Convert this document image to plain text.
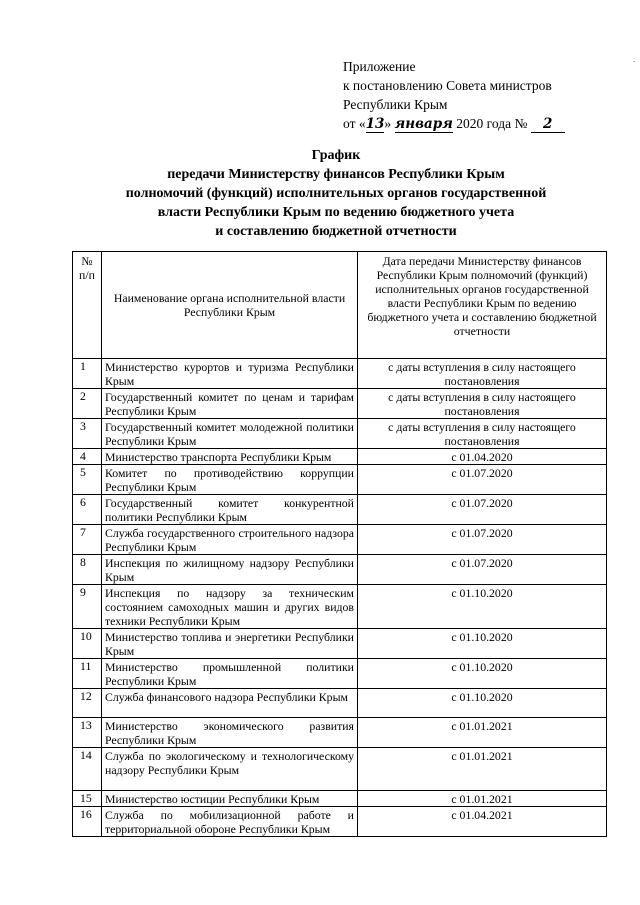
Приложение
к постановлению Совета министров
Республики Крым
от «13» января 2020 года № 2
График
передачи Министерству финансов Республики Крым
полномочий (функций) исполнительных органов государственной
власти Республики Крым по ведению бюджетного учета
и составлению бюджетной отчетности
№ п/п	Наименование органа исполнительной власти Республики Крым	Дата передачи Министерству финансов Республики Крым полномочий (функций) исполнительных органов государственной власти Республики Крым по ведению бюджетного учета и составлению бюджетной отчетности
1	Министерство курортов и туризма Республики Крым	с даты вступления в силу настоящего постановления
2	Государственный комитет по ценам и тарифам Республики Крым	с даты вступления в силу настоящего постановления
3	Государственный комитет молодежной политики Республики Крым	с даты вступления в силу настоящего постановления
4	Министерство транспорта Республики Крым	с 01.04.2020
5	Комитет по противодействию коррупции Республики Крым	с 01.07.2020
6	Государственный комитет конкурентной политики Республики Крым	с 01.07.2020
7	Служба государственного строительного надзора Республики Крым	с 01.07.2020
8	Инспекция по жилищному надзору Республики Крым	с 01.07.2020
9	Инспекция по надзору за техническим состоянием самоходных машин и других видов техники Республики Крым	с 01.10.2020
10	Министерство топлива и энергетики Республики Крым	с 01.10.2020
11	Министерство промышленной политики Республики Крым	с 01.10.2020
12	Служба финансового надзора Республики Крым	с 01.10.2020
13	Министерство экономического развития Республики Крым	с 01.01.2021
14	Служба по экологическому и технологическому надзору Республики Крым	с 01.01.2021
15	Министерство юстиции Республики Крым	с 01.01.2021
16	Служба по мобилизационной работе и территориальной обороне Республики Крым	с 01.04.2021
·
